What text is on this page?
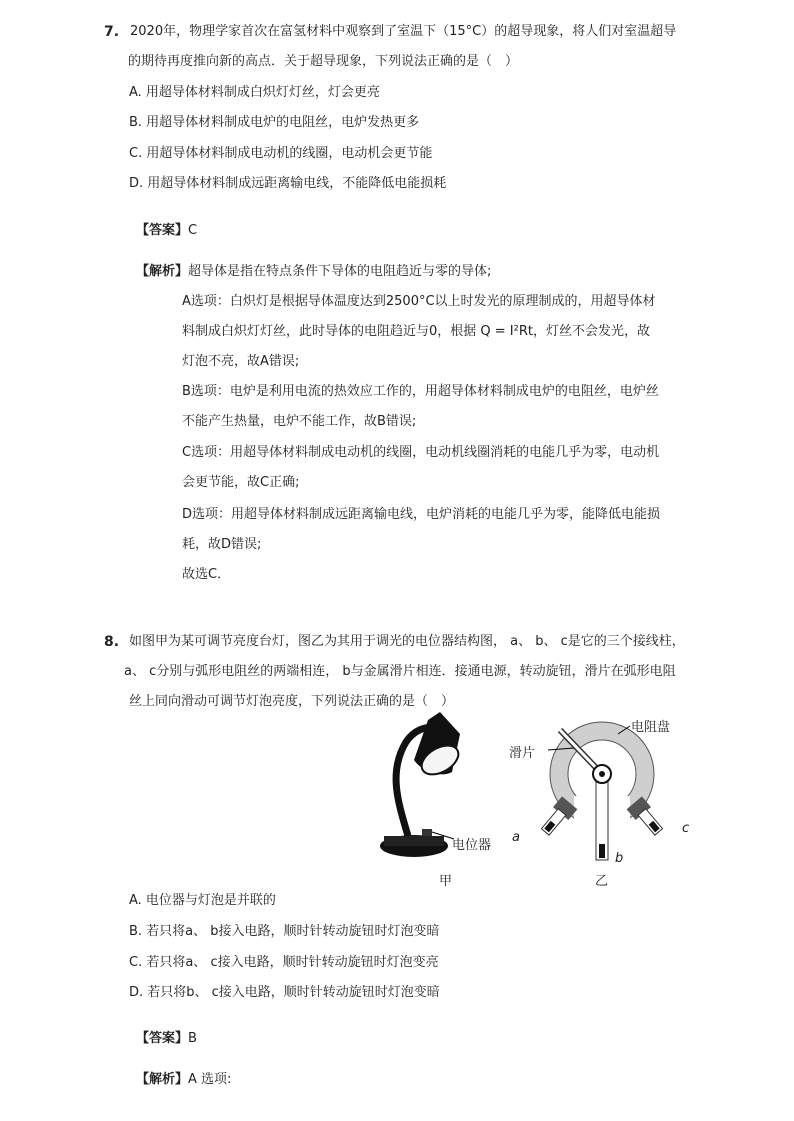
7. 2020年，物理学家首次在富氢材料中观察到了室温下（15°C）的超导现象，将人们对室温超导
的期待再度推向新的高点．关于超导现象，下列说法正确的是（　）
A. 用超导体材料制成白炽灯灯丝，灯会更亮
B. 用超导体材料制成电炉的电阻丝，电炉发热更多
C. 用超导体材料制成电动机的线圈，电动机会更节能
D. 用超导体材料制成远距离输电线，不能降低电能损耗
【答案】C
【解析】超导体是指在特点条件下导体的电阻趋近与零的导体;
A选项：白炽灯是根据导体温度达到2500°C以上时发光的原理制成的，用超导体材
料制成白炽灯灯丝，此时导体的电阻趋近与0，根据 Q = I²Rt，灯丝不会发光，故
灯泡不亮，故A错误;
B选项：电炉是利用电流的热效应工作的，用超导体材料制成电炉的电阻丝，电炉丝
不能产生热量，电炉不能工作，故B错误;
C选项：用超导体材料制成电动机的线圈，电动机线圈消耗的电能几乎为零，电动机
会更节能，故C正确;
D选项：用超导体材料制成远距离输电线，电炉消耗的电能几乎为零，能降低电能损
耗，故D错误;
故选C．
8. 如图甲为某可调节亮度台灯，图乙为其用于调光的电位器结构图， a、 b、 c是它的三个接线柱，
a、 c分别与弧形电阻丝的两端相连， b与金属滑片相连．接通电源，转动旋钮，滑片在弧形电阻
丝上同向滑动可调节灯泡亮度，下列说法正确的是（　）
电位器
甲
滑片
电阻盘
a
b
c
乙
A. 电位器与灯泡是并联的
B. 若只将a、 b接入电路，顺时针转动旋钮时灯泡变暗
C. 若只将a、 c接入电路，顺时针转动旋钮时灯泡变亮
D. 若只将b、 c接入电路，顺时针转动旋钮时灯泡变暗
【答案】B
【解析】A 选项:
